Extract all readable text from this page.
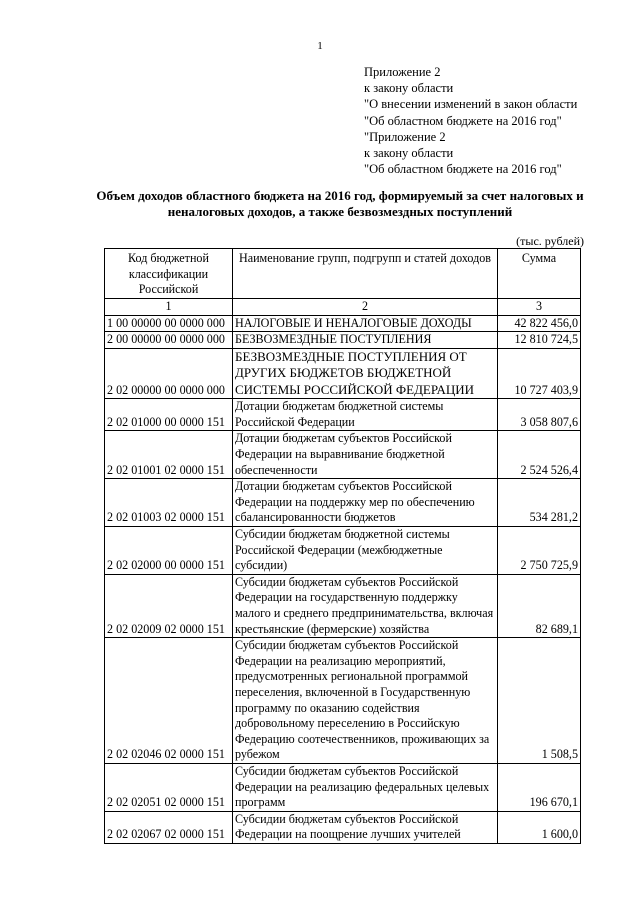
1
Приложение 2
к закону области
"О внесении изменений в закон области
"Об областном бюджете на 2016 год"
"Приложение 2
к закону области
"Об областном бюджете на 2016 год"
Объем доходов областного бюджета на 2016 год, формируемый за счет налоговых и
неналоговых доходов, а также безвозмездных поступлений
(тыс. рублей)
Код бюджетной классификации Российской	Наименование групп, подгрупп и статей доходов	Сумма
1	2	3
1 00 00000 00 0000 000	НАЛОГОВЫЕ И НЕНАЛОГОВЫЕ ДОХОДЫ	42 822 456,0
2 00 00000 00 0000 000	БЕЗВОЗМЕЗДНЫЕ ПОСТУПЛЕНИЯ	12 810 724,5
2 02 00000 00 0000 000	БЕЗВОЗМЕЗДНЫЕ ПОСТУПЛЕНИЯ ОТ ДРУГИХ БЮДЖЕТОВ БЮДЖЕТНОЙ СИСТЕМЫ РОССИЙСКОЙ ФЕДЕРАЦИИ	10 727 403,9
2 02 01000 00 0000 151	Дотации бюджетам бюджетной системы Российской Федерации	3 058 807,6
2 02 01001 02 0000 151	Дотации бюджетам субъектов Российской Федерации на выравнивание бюджетной обеспеченности	2 524 526,4
2 02 01003 02 0000 151	Дотации бюджетам субъектов Российской Федерации на поддержку мер по обеспечению сбалансированности бюджетов	534 281,2
2 02 02000 00 0000 151	Субсидии бюджетам бюджетной системы Российской Федерации (межбюджетные субсидии)	2 750 725,9
2 02 02009 02 0000 151	Субсидии бюджетам субъектов Российской Федерации на государственную поддержку малого и среднего предпринимательства, включая крестьянские (фермерские) хозяйства	82 689,1
2 02 02046 02 0000 151	Субсидии бюджетам субъектов Российской Федерации на реализацию мероприятий, предусмотренных региональной программой переселения, включенной в Государственную программу по оказанию содействия добровольному переселению в Российскую Федерацию соотечественников, проживающих за рубежом	1 508,5
2 02 02051 02 0000 151	Субсидии бюджетам субъектов Российской Федерации на реализацию федеральных целевых программ	196 670,1
2 02 02067 02 0000 151	Субсидии бюджетам субъектов Российской Федерации на поощрение лучших учителей	1 600,0
